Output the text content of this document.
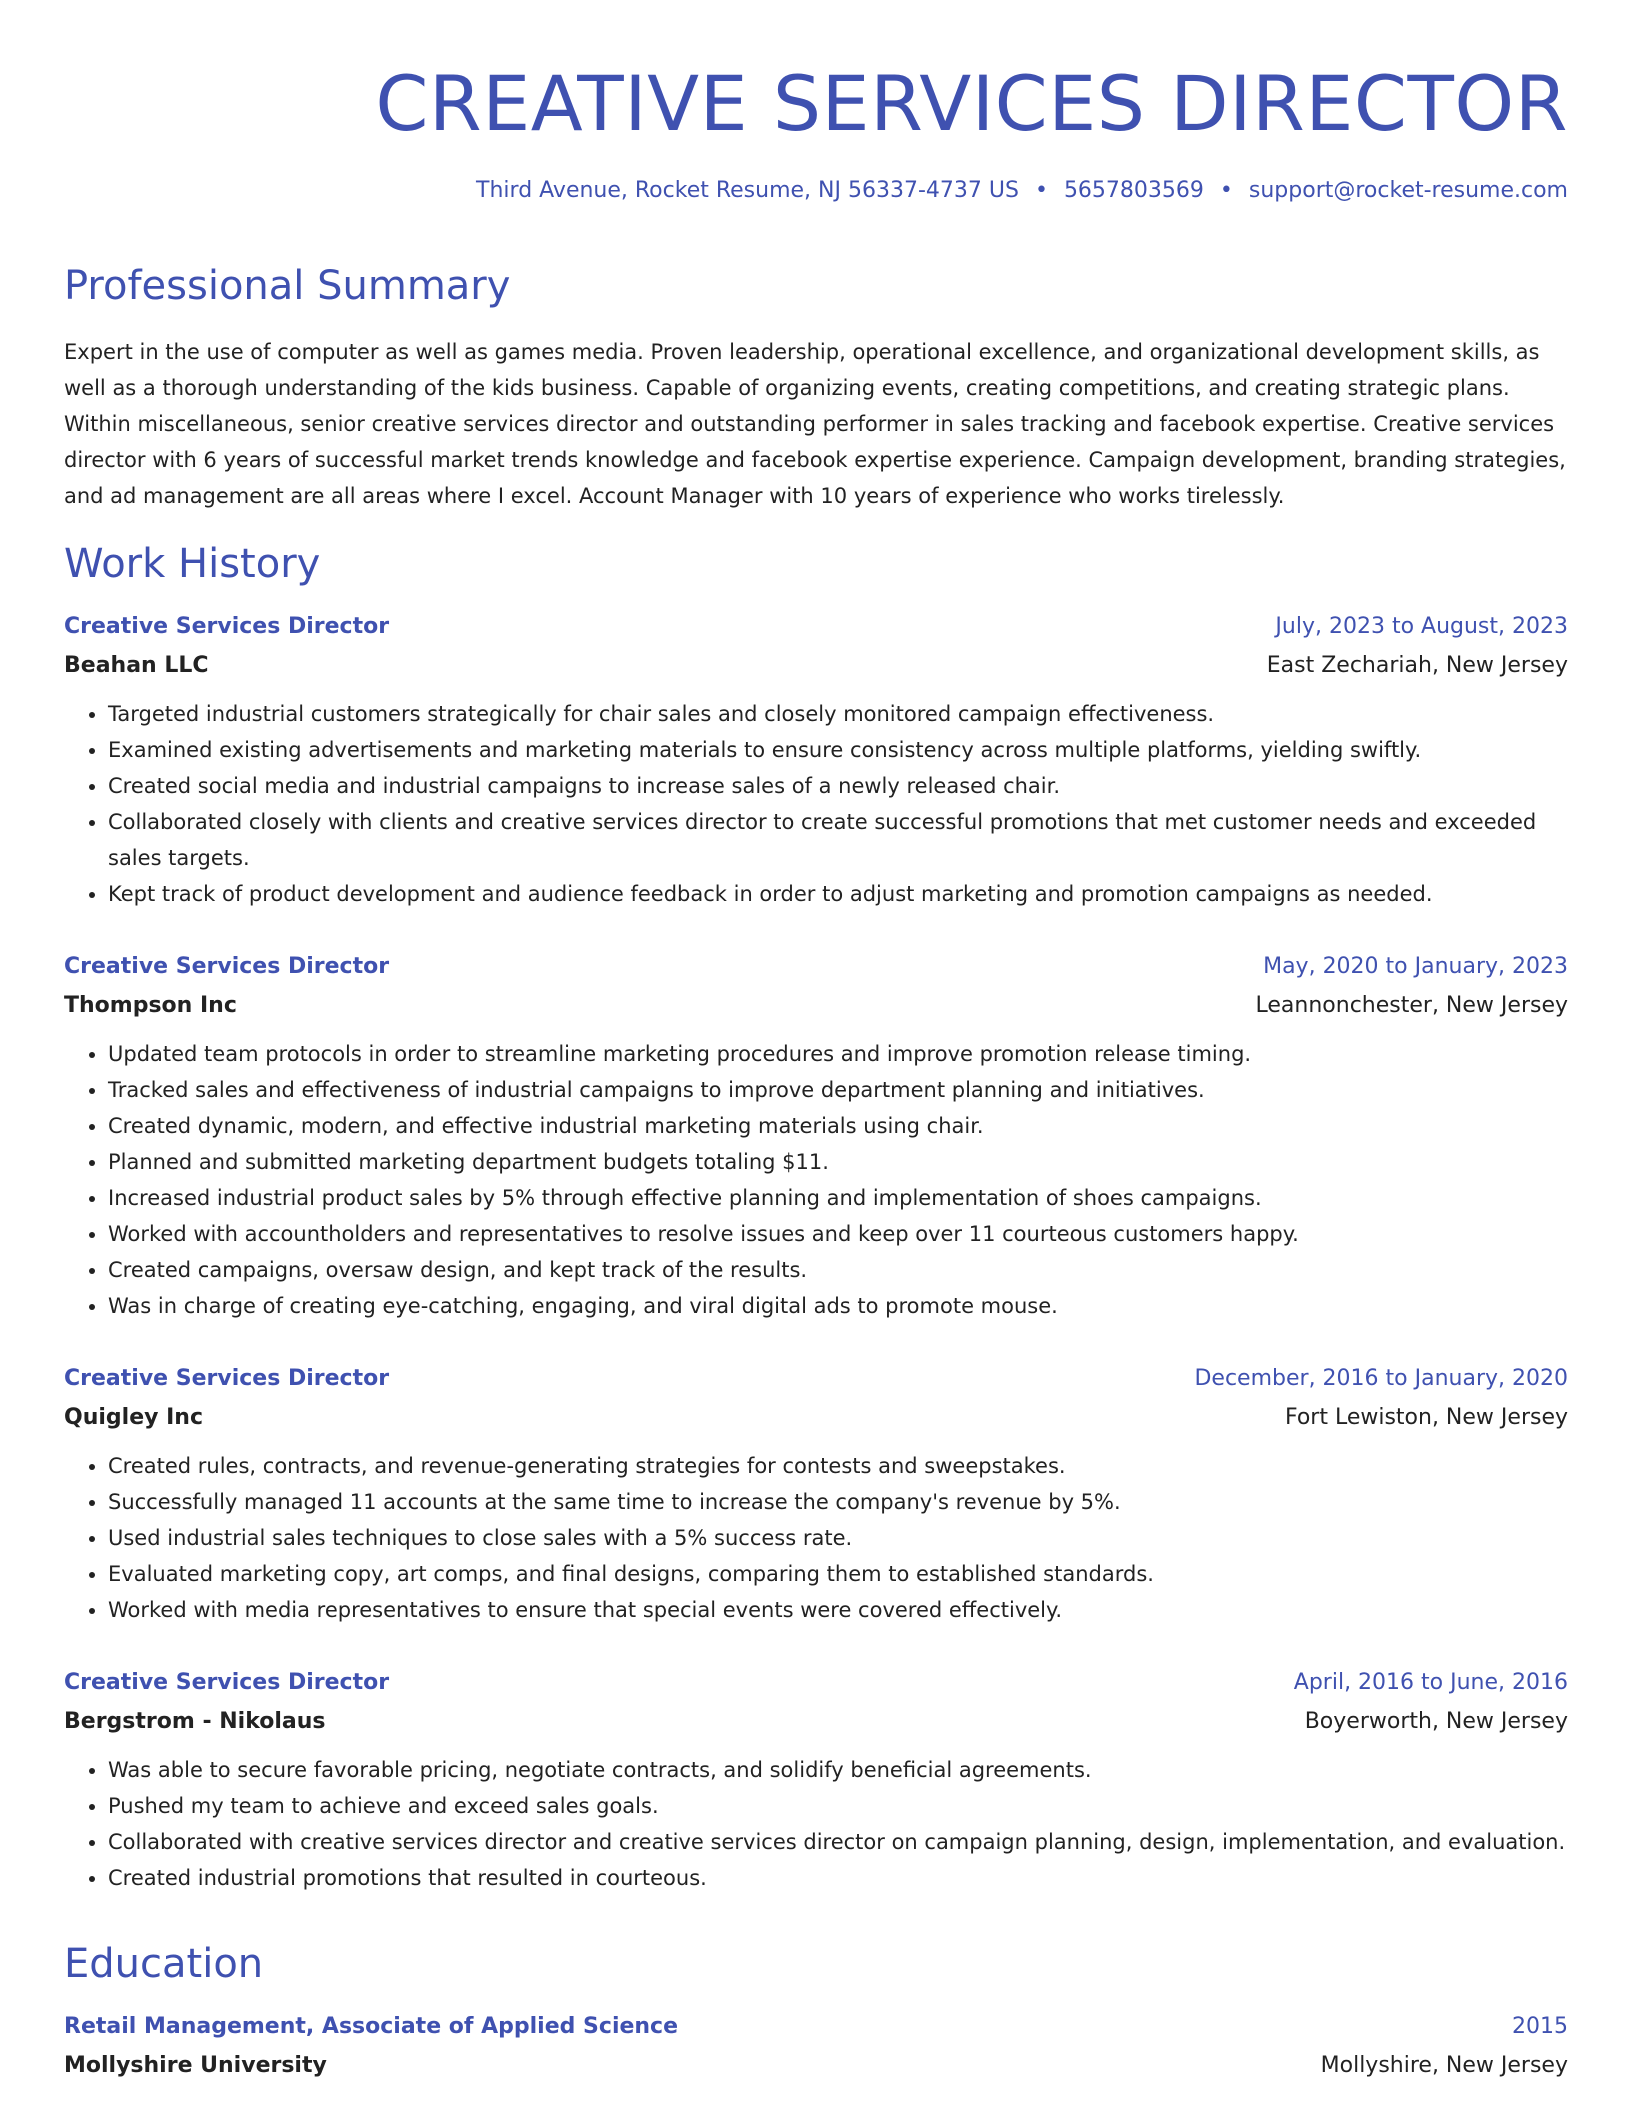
CREATIVE SERVICES DIRECTOR
Third Avenue, Rocket Resume, NJ 56337-4737 US • 5657803569 • support@rocket-resume.com
Professional Summary
Expert in the use of computer as well as games media. Proven leadership, operational excellence, and organizational development skills, as well as a thorough understanding of the kids business. Capable of organizing events, creating competitions, and creating strategic plans. Within miscellaneous, senior creative services director and outstanding performer in sales tracking and facebook expertise. Creative services director with 6 years of successful market trends knowledge and facebook expertise experience. Campaign development, branding strategies, and ad management are all areas where I excel. Account Manager with 10 years of experience who works tirelessly.
Work History
Creative Services Director	July, 2023 to August, 2023
Beahan LLC	East Zechariah, New Jersey
• Targeted industrial customers strategically for chair sales and closely monitored campaign effectiveness.
• Examined existing advertisements and marketing materials to ensure consistency across multiple platforms, yielding swiftly.
• Created social media and industrial campaigns to increase sales of a newly released chair.
• Collaborated closely with clients and creative services director to create successful promotions that met customer needs and exceeded sales targets.
• Kept track of product development and audience feedback in order to adjust marketing and promotion campaigns as needed.
Creative Services Director	May, 2020 to January, 2023
Thompson Inc	Leannonchester, New Jersey
• Updated team protocols in order to streamline marketing procedures and improve promotion release timing.
• Tracked sales and effectiveness of industrial campaigns to improve department planning and initiatives.
• Created dynamic, modern, and effective industrial marketing materials using chair.
• Planned and submitted marketing department budgets totaling $11.
• Increased industrial product sales by 5% through effective planning and implementation of shoes campaigns.
• Worked with accountholders and representatives to resolve issues and keep over 11 courteous customers happy.
• Created campaigns, oversaw design, and kept track of the results.
• Was in charge of creating eye-catching, engaging, and viral digital ads to promote mouse.
Creative Services Director	December, 2016 to January, 2020
Quigley Inc	Fort Lewiston, New Jersey
• Created rules, contracts, and revenue-generating strategies for contests and sweepstakes.
• Successfully managed 11 accounts at the same time to increase the company's revenue by 5%.
• Used industrial sales techniques to close sales with a 5% success rate.
• Evaluated marketing copy, art comps, and final designs, comparing them to established standards.
• Worked with media representatives to ensure that special events were covered effectively.
Creative Services Director	April, 2016 to June, 2016
Bergstrom - Nikolaus	Boyerworth, New Jersey
• Was able to secure favorable pricing, negotiate contracts, and solidify beneficial agreements.
• Pushed my team to achieve and exceed sales goals.
• Collaborated with creative services director and creative services director on campaign planning, design, implementation, and evaluation.
• Created industrial promotions that resulted in courteous.
Education
Retail Management, Associate of Applied Science	2015
Mollyshire University	Mollyshire, New Jersey
